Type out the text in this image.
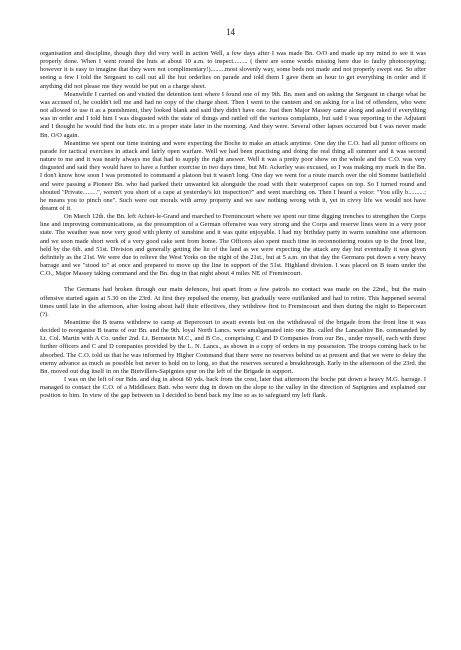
14

organisation and discipline, though they did very well in action Well, a few days after I was made Bn. O/O and made up my mind to see it was properly done. When I went round the huts at about 10 a.m. to inspect......... ( there are some words missing here due to faulty photocopying; however it is easy to imagine that they were not complimentary!).........most slovenly way, some beds not made and not properly swept out. So after seeing a few I told the Sergeant to call out all the hut orderlies on parade and told them I gave them an hour to get everything in order and if anything did not please me they would be put on a charge sheet.

Meanwhile I carried on and visited the detention tent where I found one of my 9th. Bn. men and on asking the Sergeant in charge what he was accused of, he couldn't tell me and had no copy of the charge sheet. Then I went to the canteen and on asking for a list of offenders, who were not allowed to use it as a punishment, they looked blank and said they didn't have one. Just then Major Massey came along and asked if everything was in order and I told him I was disgusted with the state of things and rattled off the various complaints, but said I was reporting to the Adjutant and I thought he would find the huts etc. in a proper state later in the morning. And they were. Several other lapses occurred but I was never made Bn. O/O again.

Meantime we spent our time training and were expecting the Boche to make an attack anytime. One day the C.O. had all junior officers on parade for tactical exercises in attack and fairly open warfare. Well we had been practising and doing the real thing all summer and it was second nature to me and it was nearly always me that had to supply the right answer. Well it was a pretty poor show on the whole and the C.O. was very disgusted and said they would have to have a further exercise in two days time, but Mr. Ackerley was excused, so I was making my mark in the Bn. I don't know how soon I was promoted to command a platoon but it wasn't long. One day we went for a route march over the old Somme battlefield and were passing a Pioneer Bn. who had parked their unwanted kit alongside the road with their waterproof capes on top. So I turned round and shouted "Private.........", weren't you short of a cape at yesterday's kit inspection?" and went marching on. Then I heard a voice: "You silly b..........; he means you to pinch one". Such were our morals with army property and we saw nothing wrong with it, yet in civvy life we would not have dreamt of it.

On March 12th. the Bn. left Achiet-le-Grand and marched to Fremincourt where we spent our time digging trenches to strengthen the Corps line and improving communications, as the presumption of a German offensive was very strong and the Corps and reserve lines were in a very poor state. The weather was now very good with plenty of sunshine and it was quite enjoyable. I had my birthday party in warm sunshine one afternoon and we soon made short work of a very good cake sent from home. The Officers also spent much time in reconnoitering routes up to the front line, held by the 6th. and 51st. Division and generally getting the lie of the land as we were expecting the attack any day but eventually it was given definitely as the 21st. We were due to relieve the West Yorks on the night of the 21st., but at 5 a.m. on that day the Germans put down a very heavy barrage and we "stood to" at once and prepared to move up the line in support of the 51st. Highland division. I was placed on B team under the C.O., Major Massey taking command and the Bn. dug in that night about 4 miles NE of Fremincourt.

The Germans had broken through our main defences, but apart from a few patrols no contact was made on the 22nd., but the main offensive started again at 5.30 on the 23rd. At first they repulsed the enemy, but gradually were outflanked and had to retire. This happened several times until late in the afternoon, after losing about half their effectives, they withdrew first to Fremincourt and then during the night to Bepercourt (?).

Meantime the B teams withdrew to camp at Bepercourt to await events but on the withdrawal of the brigade from the front line it was decided to reorganise B teams of our Bn. and the 9th. loyal North Lancs. were amalgamated into one Bn. called the Lancashire Bn. commanded by Lt. Col. Martin with A Co. under 2nd. Lt. Bernstein M.C., and B Co., comprising C and D Companies from our Bn., under myself, each with three further officers and C and D companies provided by the L. N. Lancs., as shown in a copy of orders in my possession. The troops coming back to be absorbed. The C.O. told us that he was informed by Higher Command that there were no reserves behind us at present and that we were to delay the enemy advance as much as possible but never to hold on to long, so that the reserves secured a breakthrough. Early in the afternoon of the 23rd. the Bn. moved out dug itself in on the Bietvillers-Sapignies spur on the left of the Brigade in support.

I was on the left of our Bdn. and dug in about 60 yds. back from the crest, later that afternoon the boche put down a heavy M.G. barrage. I managed to contact the C.O. of a Middlesex Batt. who were dug in down on the slope to the valley in the direction of Sapignies and explained our position to him. In view of the gap between us I decided to bend back my line so as to safeguard my left flank.
